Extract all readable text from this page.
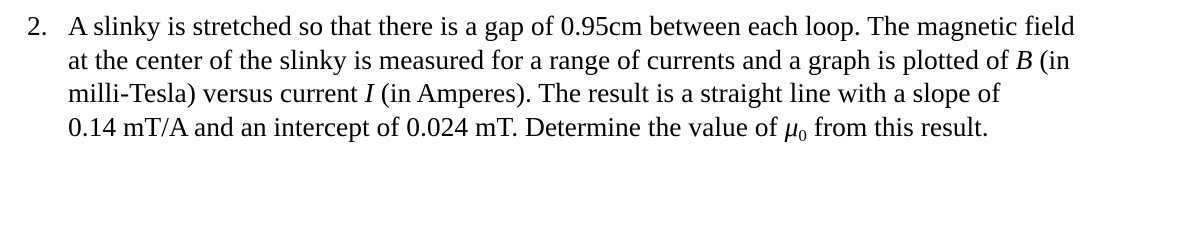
2. A slinky is stretched so that there is a gap of 0.95cm between each loop. The magnetic field
at the center of the slinky is measured for a range of currents and a graph is plotted of B (in
milli-Tesla) versus current I (in Amperes). The result is a straight line with a slope of
0.14 mT/A and an intercept of 0.024 mT. Determine the value of $\mu_0$ from this result.
